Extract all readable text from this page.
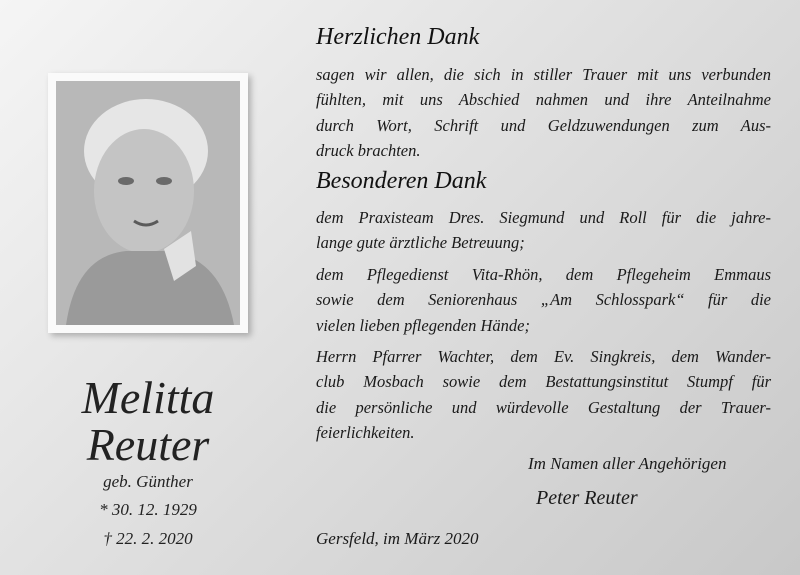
Melitta
Reuter
geb. Günther
* 30. 12. 1929
† 22. 2. 2020
Herzlichen Dank
sagen wir allen, die sich in stiller Trauer mit uns verbunden
fühlten, mit uns Abschied nahmen und ihre Anteilnahme
durch Wort, Schrift und Geldzuwendungen zum Aus-
druck brachten.
Besonderen Dank
dem Praxisteam Dres. Siegmund und Roll für die jahre-
lange gute ärztliche Betreuung;
dem Pflegedienst Vita-Rhön, dem Pflegeheim Emmaus
sowie dem Seniorenhaus „Am Schlosspark“ für die
vielen lieben pflegenden Hände;
Herrn Pfarrer Wachter, dem Ev. Singkreis, dem Wander-
club Mosbach sowie dem Bestattungsinstitut Stumpf für
die persönliche und würdevolle Gestaltung der Trauer-
feierlichkeiten.
Im Namen aller Angehörigen
Peter Reuter
Gersfeld, im März 2020
